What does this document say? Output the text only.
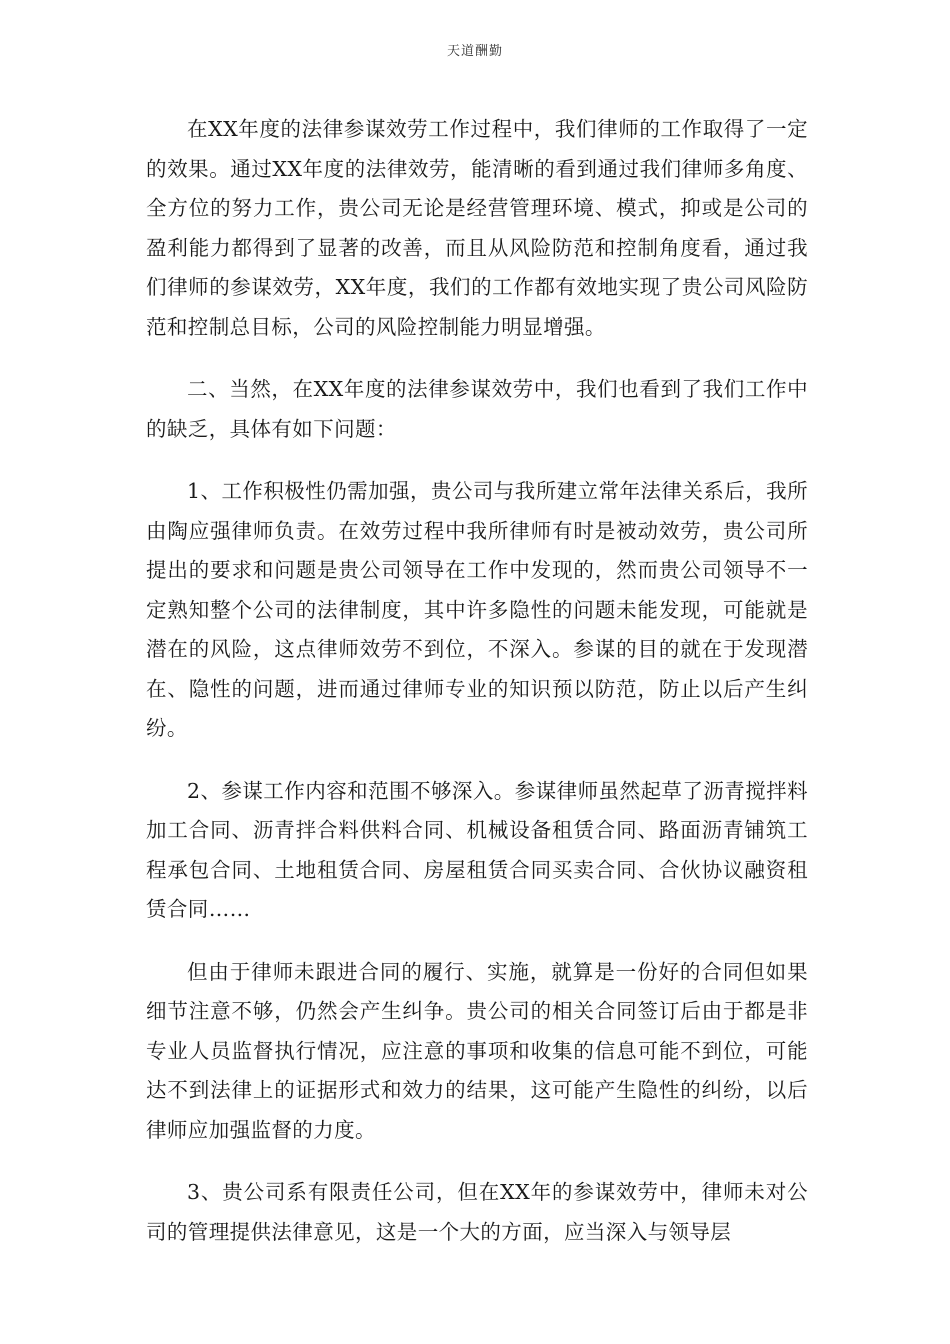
天道酬勤

在XX年度的法律参谋效劳工作过程中，我们律师的工作取得了一定的效果。通过XX年度的法律效劳，能清晰的看到通过我们律师多角度、全方位的努力工作，贵公司无论是经营管理环境、模式，抑或是公司的盈利能力都得到了显著的改善，而且从风险防范和控制角度看，通过我们律师的参谋效劳，XX年度，我们的工作都有效地实现了贵公司风险防范和控制总目标，公司的风险控制能力明显增强。

二、当然，在XX年度的法律参谋效劳中，我们也看到了我们工作中的缺乏，具体有如下问题：

1、工作积极性仍需加强，贵公司与我所建立常年法律关系后，我所由陶应强律师负责。在效劳过程中我所律师有时是被动效劳，贵公司所提出的要求和问题是贵公司领导在工作中发现的，然而贵公司领导不一定熟知整个公司的法律制度，其中许多隐性的问题未能发现，可能就是潜在的风险，这点律师效劳不到位，不深入。参谋的目的就在于发现潜在、隐性的问题，进而通过律师专业的知识预以防范，防止以后产生纠纷。

2、参谋工作内容和范围不够深入。参谋律师虽然起草了沥青搅拌料加工合同、沥青拌合料供料合同、机械设备租赁合同、路面沥青铺筑工程承包合同、土地租赁合同、房屋租赁合同买卖合同、合伙协议融资租赁合同……

但由于律师未跟进合同的履行、实施，就算是一份好的合同但如果细节注意不够，仍然会产生纠争。贵公司的相关合同签订后由于都是非专业人员监督执行情况，应注意的事项和收集的信息可能不到位，可能达不到法律上的证据形式和效力的结果，这可能产生隐性的纠纷，以后律师应加强监督的力度。

3、贵公司系有限责任公司，但在XX年的参谋效劳中，律师未对公司的管理提供法律意见，这是一个大的方面，应当深入与领导层
